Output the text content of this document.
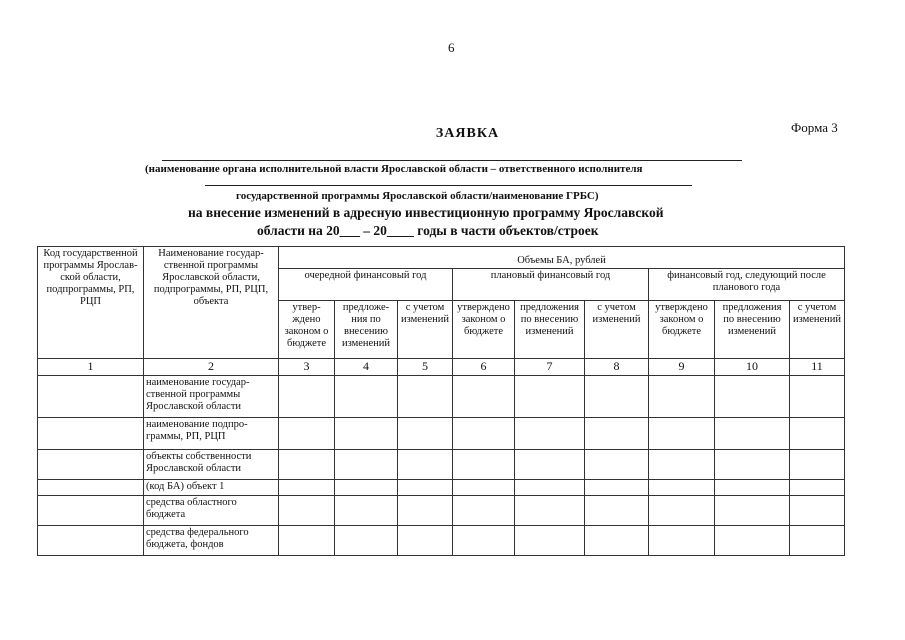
6
Форма 3
ЗАЯВКА
(наименование органа исполнительной власти Ярославской области – ответственного исполнителя
государственной программы Ярославской области/наименование ГРБС)
на внесение изменений в адресную инвестиционную программу Ярославской
области на 20___ – 20____ годы в части объектов/строек
Код государственной программы Ярославской области, подпрограммы, РП, РЦП	Наименование государственной программы Ярославской области, подпрограммы, РП, РЦП, объекта	Объемы БА, рублей								
		очередной финансовый год			плановый финансовый год			финансовый год, следующий после планового года		
		утверждено законом о бюджете	предложения по внесению изменений	с учетом изменений	утверждено законом о бюджете	предложения по внесению изменений	с учетом изменений	утверждено законом о бюджете	предложения по внесению изменений	с учетом изменений
1	2	3	4	5	6	7	8	9	10	11
	наименование государственной программы Ярославской области									
	наименование подпрограммы, РП, РЦП									
	объекты собственности Ярославской области									
	(код БА) объект 1									
	средства областного бюджета									
	средства федерального бюджета, фондов									
